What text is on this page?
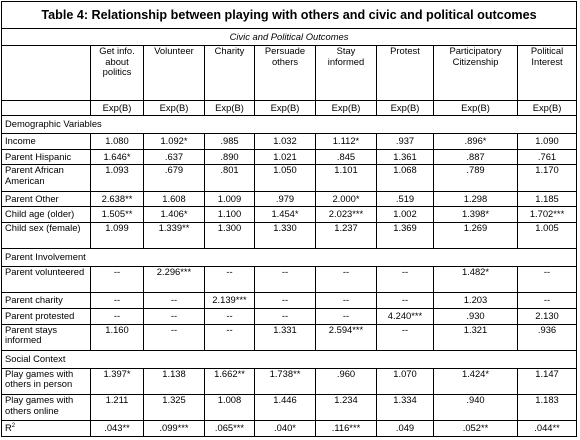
Table 4: Relationship between playing with others and civic and political outcomes								
Civic and Political Outcomes								
	Get info. about politics	Volunteer	Charity	Persuade others	Stay informed	Protest	Participatory Citizenship	Political Interest
	Exp(B)	Exp(B)	Exp(B)	Exp(B)	Exp(B)	Exp(B)	Exp(B)	Exp(B)
Demographic Variables								
Income	1.080	1.092*	.985	1.032	1.112*	.937	.896*	1.090
Parent Hispanic	1.646*	.637	.890	1.021	.845	1.361	.887	.761
Parent African American	1.093	.679	.801	1.050	1.101	1.068	.789	1.170
Parent Other	2.638**	1.608	1.009	.979	2.000*	.519	1.298	1.185
Child age (older)	1.505**	1.406*	1.100	1.454*	2.023***	1.002	1.398*	1.702***
Child sex (female)	1.099	1.339**	1.300	1.330	1.237	1.369	1.269	1.005
Parent Involvement								
Parent volunteered	--	2.296***	--	--	--	--	1.482*	--
Parent charity	--	--	2.139***	--	--	--	1.203	--
Parent protested	--	--	--	--	--	4.240***	.930	2.130
Parent stays informed	1.160	--	--	1.331	2.594***	--	1.321	.936
Social Context								
Play games with others in person	1.397*	1.138	1.662**	1.738**	.960	1.070	1.424*	1.147
Play games with others online	1.211	1.325	1.008	1.446	1.234	1.334	.940	1.183
$R^2$	.043**	.099***	.065***	.040*	.116***	.049	.052**	.044**
